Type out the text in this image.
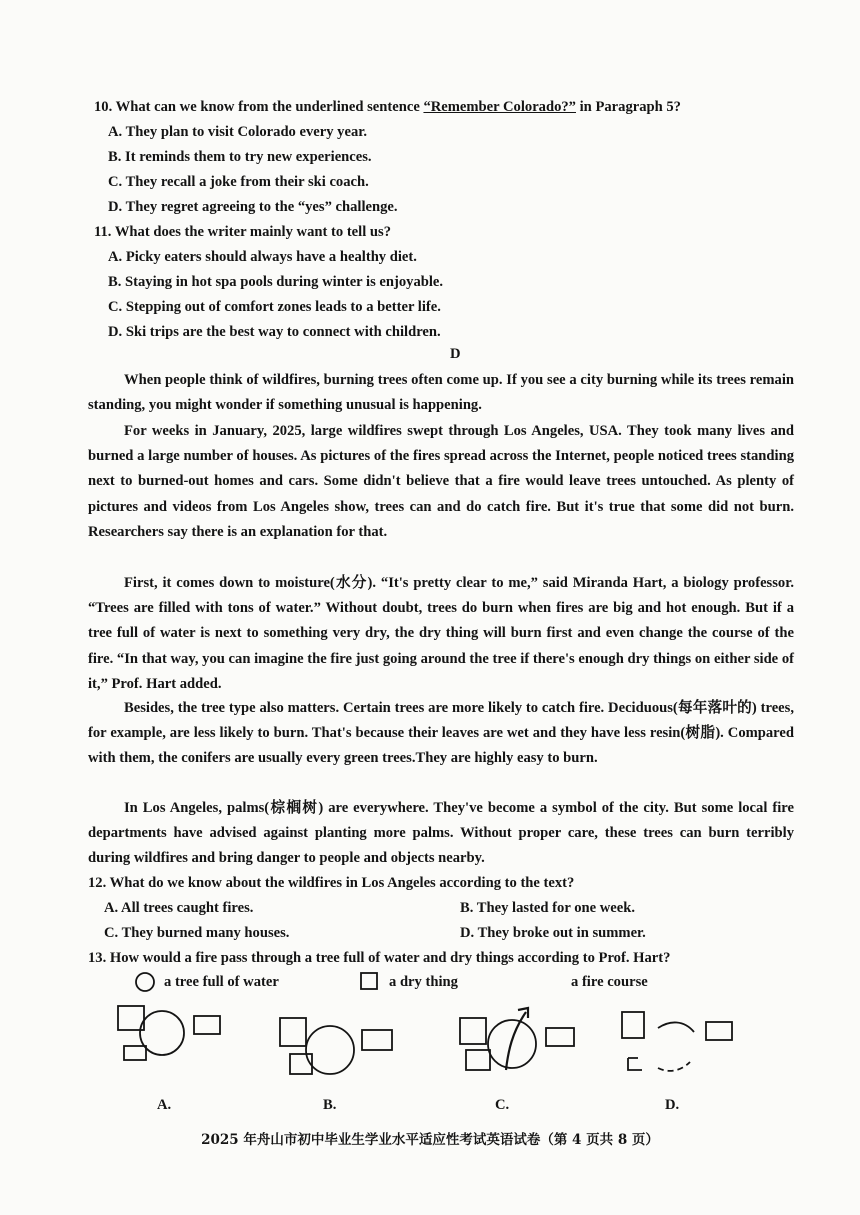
10. What can we know from the underlined sentence “Remember Colorado?” in Paragraph 5?
A. They plan to visit Colorado every year.
B. It reminds them to try new experiences.
C. They recall a joke from their ski coach.
D. They regret agreeing to the “yes” challenge.
11. What does the writer mainly want to tell us?
A. Picky eaters should always have a healthy diet.
B. Staying in hot spa pools during winter is enjoyable.
C. Stepping out of comfort zones leads to a better life.
D. Ski trips are the best way to connect with children.
D
When people think of wildfires, burning trees often come up. If you see a city burning while its trees remain standing, you might wonder if something unusual is happening.
For weeks in January, 2025, large wildfires swept through Los Angeles, USA. They took many lives and burned a large number of houses. As pictures of the fires spread across the Internet, people noticed trees standing next to burned-out homes and cars. Some didn't believe that a fire would leave trees untouched. As plenty of pictures and videos from Los Angeles show, trees can and do catch fire. But it's true that some did not burn. Researchers say there is an explanation for that.
First, it comes down to moisture(水分). “It's pretty clear to me,” said Miranda Hart, a biology professor. “Trees are filled with tons of water.” Without doubt, trees do burn when fires are big and hot enough. But if a tree full of water is next to something very dry, the dry thing will burn first and even change the course of the fire. “In that way, you can imagine the fire just going around the tree if there's enough dry things on either side of it,” Prof. Hart added.
Besides, the tree type also matters. Certain trees are more likely to catch fire. Deciduous(每年落叶的) trees, for example, are less likely to burn. That's because their leaves are wet and they have less resin(树脂). Compared with them, the conifers are usually every green trees.They are highly easy to burn.
In Los Angeles, palms(棕榈树) are everywhere. They've become a symbol of the city. But some local fire departments have advised against planting more palms. Without proper care, these trees can burn terribly during wildfires and bring danger to people and objects nearby.
12. What do we know about the wildfires in Los Angeles according to the text?
A. All trees caught fires.	B. They lasted for one week.
C. They burned many houses.	D. They broke out in summer.
13. How would a fire pass through a tree full of water and dry things according to Prof. Hart?
a tree full of water	a dry thing	a fire course
A.	B.	C.	D.
2025 年舟山市初中毕业生学业水平适应性考试英语试卷（第 4 页共 8 页）
